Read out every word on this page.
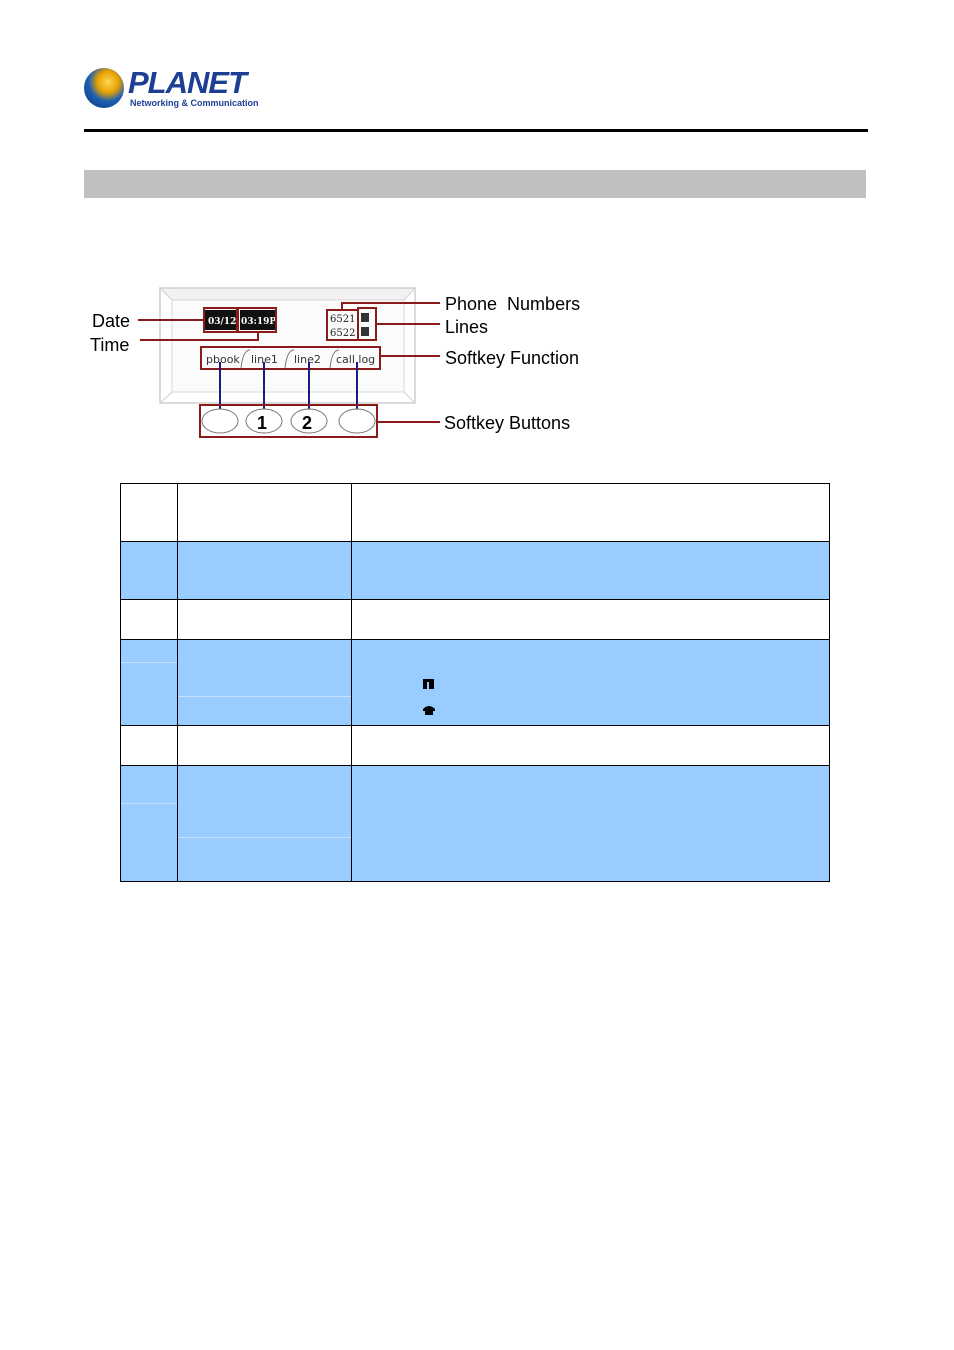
PLANET
Networking & Communication
03/12 03:19P	6521
6522
pbook line1 line2 call log
1 2
Date
Time
Phone  Numbers
Lines
Softkey Function
Softkey Buttons
